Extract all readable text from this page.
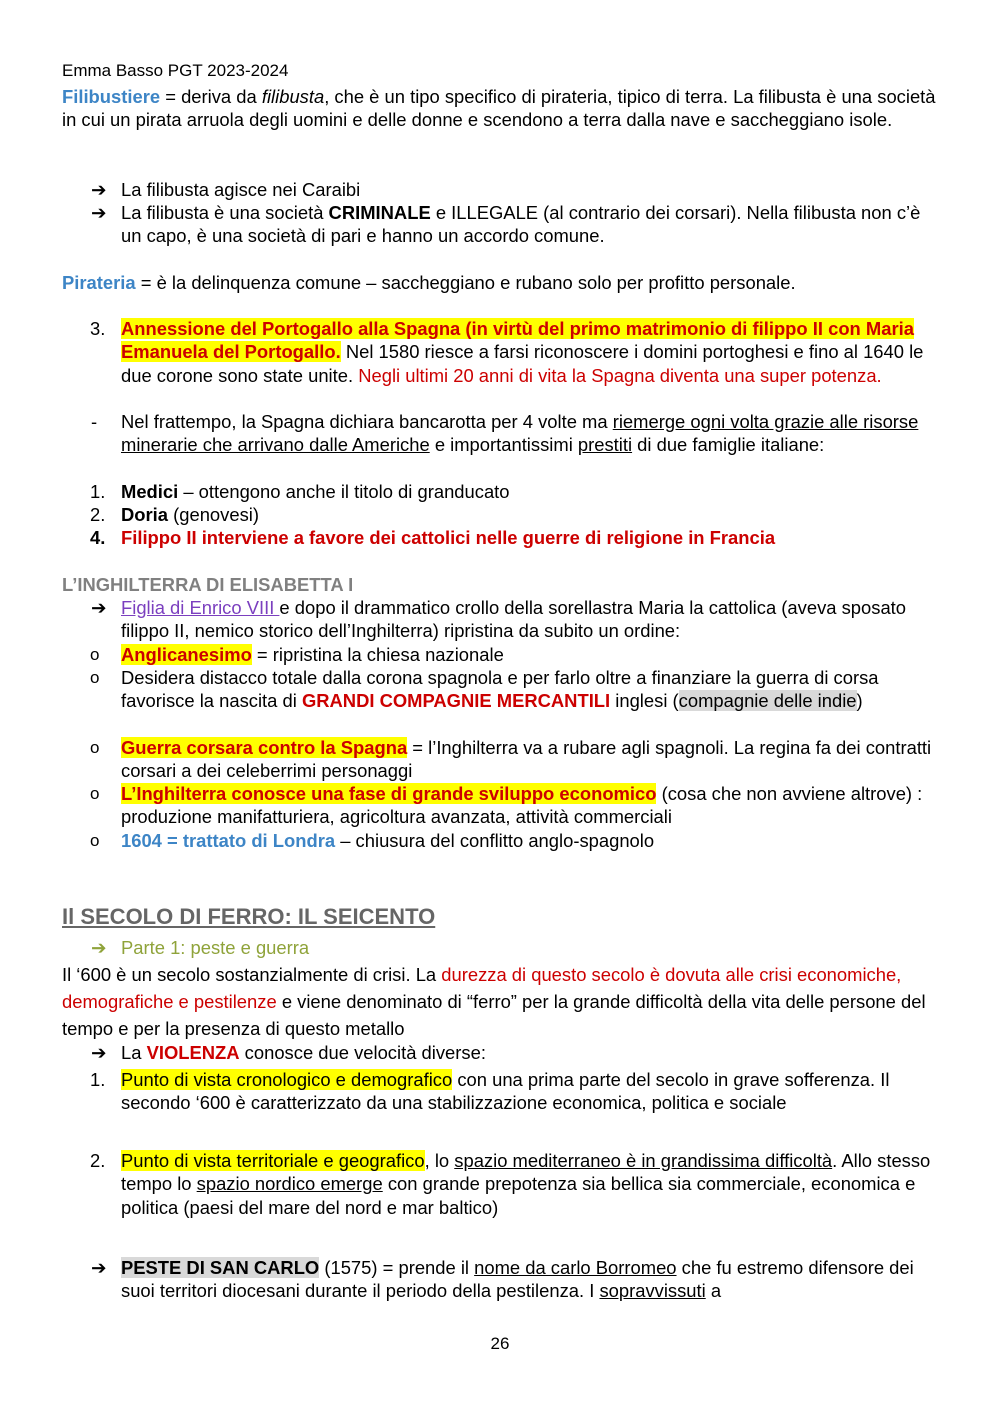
Emma Basso PGT 2023-2024
Filibustiere = deriva da filibusta, che è un tipo specifico di pirateria, tipico di terra. La filibusta è una società in cui un pirata arruola degli uomini e delle donne e scendono a terra dalla nave e saccheggiano isole.
➔ La filibusta agisce nei Caraibi
➔ La filibusta è una società CRIMINALE e ILLEGALE (al contrario dei corsari). Nella filibusta non c’è un capo, è una società di pari e hanno un accordo comune.
Pirateria = è la delinquenza comune – saccheggiano e rubano solo per profitto personale.
3. Annessione del Portogallo alla Spagna (in virtù del primo matrimonio di filippo II con Maria Emanuela del Portogallo. Nel 1580 riesce a farsi riconoscere i domini portoghesi e fino al 1640 le due corone sono state unite. Negli ultimi 20 anni di vita la Spagna diventa una super potenza.
-	Nel frattempo, la Spagna dichiara bancarotta per 4 volte ma riemerge ogni volta grazie alle risorse minerarie che arrivano dalle Americhe e importantissimi prestiti di due famiglie italiane:
1. Medici – ottengono anche il titolo di granducato
2. Doria (genovesi)
4. Filippo II interviene a favore dei cattolici nelle guerre di religione in Francia
L’INGHILTERRA DI ELISABETTA I
➔ Figlia di Enrico VIII e dopo il drammatico crollo della sorellastra Maria la cattolica (aveva sposato filippo II, nemico storico dell’Inghilterra) ripristina da subito un ordine:
o	Anglicanesimo = ripristina la chiesa nazionale
o	Desidera distacco totale dalla corona spagnola e per farlo oltre a finanziare la guerra di corsa favorisce la nascita di GRANDI COMPAGNIE MERCANTILI inglesi (compagnie delle indie)
o	Guerra corsara contro la Spagna = l’Inghilterra va a rubare agli spagnoli. La regina fa dei contratti corsari a dei celeberrimi personaggi
o	L’Inghilterra conosce una fase di grande sviluppo economico (cosa che non avviene altrove) : produzione manifatturiera, agricoltura avanzata, attività commerciali
o	1604 = trattato di Londra – chiusura del conflitto anglo-spagnolo
Il SECOLO DI FERRO: IL SEICENTO
➔ Parte 1: peste e guerra
Il ‘600 è un secolo sostanzialmente di crisi. La durezza di questo secolo è dovuta alle crisi economiche, demografiche e pestilenze e viene denominato di “ferro” per la grande difficoltà della vita delle persone del tempo e per la presenza di questo metallo
➔ La VIOLENZA conosce due velocità diverse:
1. Punto di vista cronologico e demografico con una prima parte del secolo in grave sofferenza. Il secondo ‘600 è caratterizzato da una stabilizzazione economica, politica e sociale
2. Punto di vista territoriale e geografico, lo spazio mediterraneo è in grandissima difficoltà. Allo stesso tempo lo spazio nordico emerge con grande prepotenza sia bellica sia commerciale, economica e politica (paesi del mare del nord e mar baltico)
➔ PESTE DI SAN CARLO (1575) = prende il nome da carlo Borromeo che fu estremo difensore dei suoi territori diocesani durante il periodo della pestilenza. I sopravvissuti a
26
